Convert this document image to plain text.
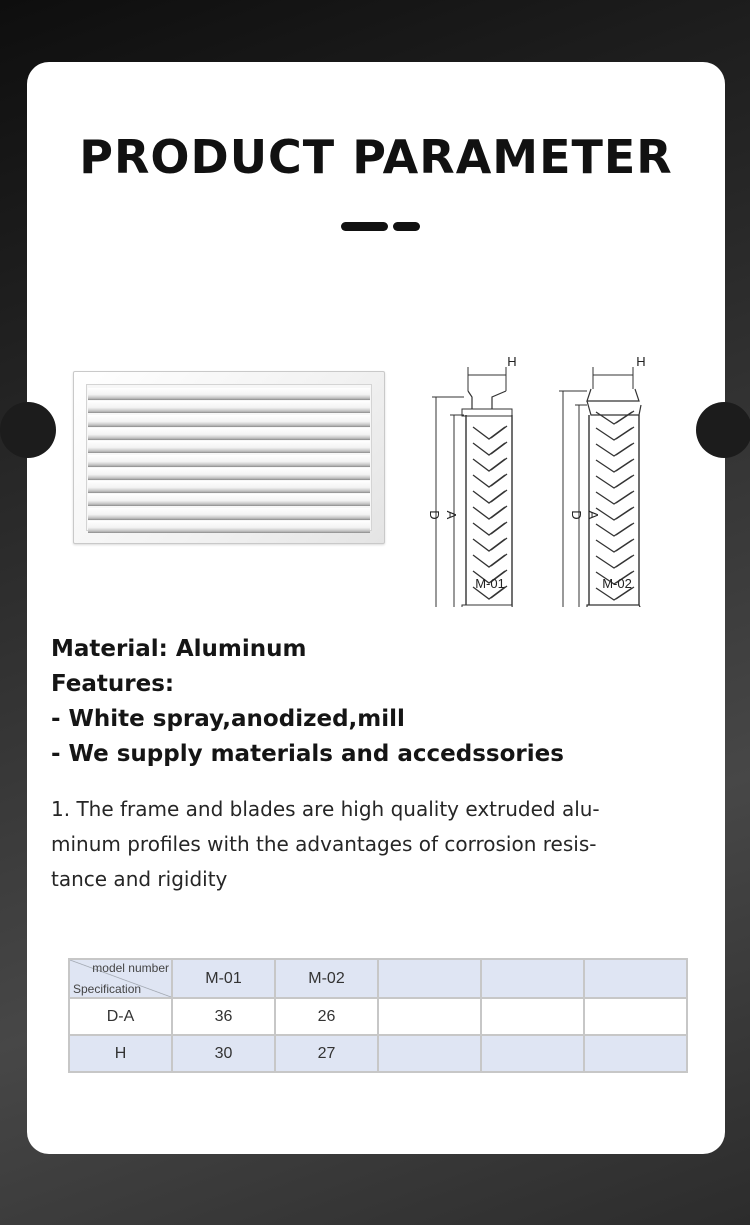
PRODUCT PARAMETER
H
D A
H
D A
Material: Aluminum
Features:
- White spray,anodized,mill
- We supply materials and accedssories
1. The frame and blades are high quality extruded alu-
minum profiles with the advantages of corrosion resis-
tance and rigidity
model number
Specification	M-01	M-02			
D-A	36	26			
H	30	27			
M-01	M-02
